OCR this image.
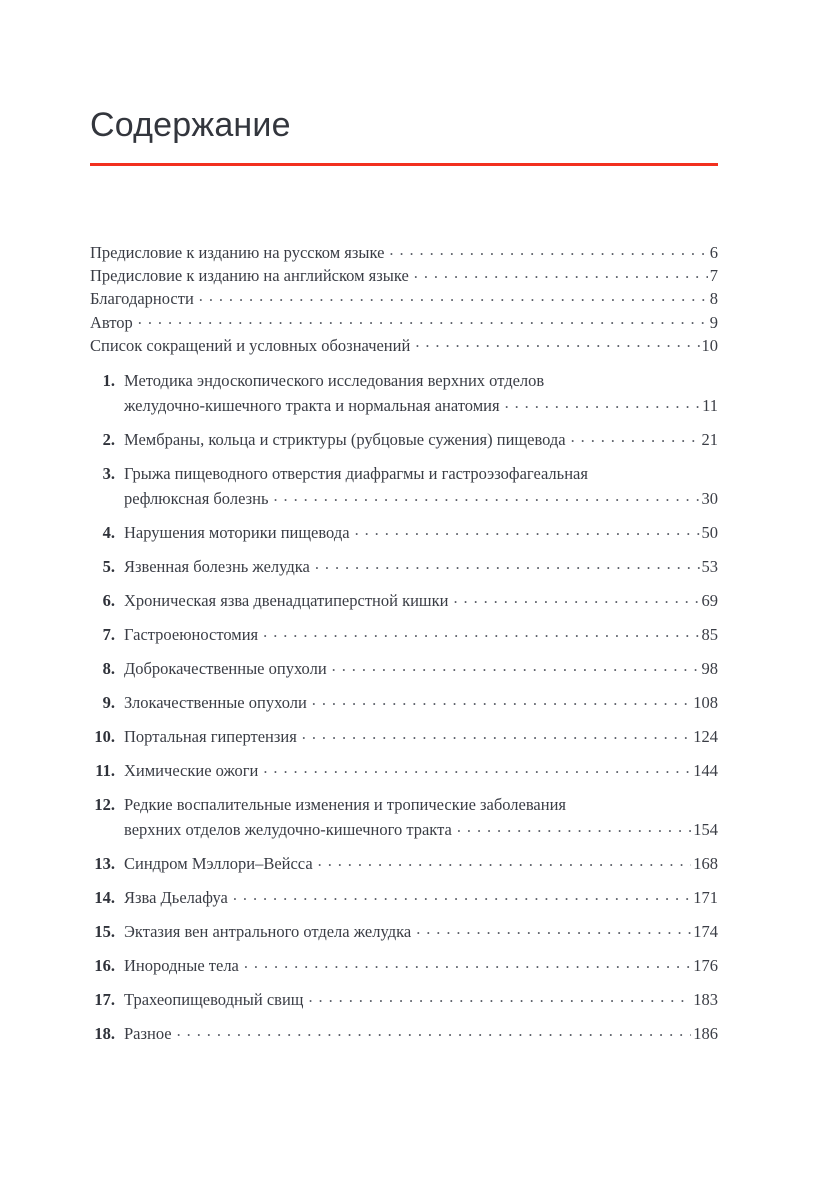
Содержание
Предисловие к изданию на русском языке . . .	6
Предисловие к изданию на английском языке . . .	7
Благодарности . . .	8
Автор . . .	9
Список сокращений и условных обозначений . . .	10
1. Методика эндоскопического исследования верхних отделов
желудочно-кишечного тракта и нормальная анатомия . . .	11
2. Мембраны, кольца и стриктуры (рубцовые сужения) пищевода . . .	21
3. Грыжа пищеводного отверстия диафрагмы и гастроэзофагеальная
рефлюксная болезнь . . .	30
4. Нарушения моторики пищевода . . .	50
5. Язвенная болезнь желудка . . .	53
6. Хроническая язва двенадцатиперстной кишки . . .	69
7. Гастроеюностомия . . .	85
8. Доброкачественные опухоли . . .	98
9. Злокачественные опухоли . . .	108
10. Портальная гипертензия . . .	124
11. Химические ожоги . . .	144
12. Редкие воспалительные изменения и тропические заболевания
верхних отделов желудочно-кишечного тракта . . .	154
13. Синдром Мэллори–Вейсса . . .	168
14. Язва Дьелафуа . . .	171
15. Эктазия вен антрального отдела желудка . . .	174
16. Инородные тела . . .	176
17. Трахеопищеводный свищ . . .	183
18. Разное . . .	186
